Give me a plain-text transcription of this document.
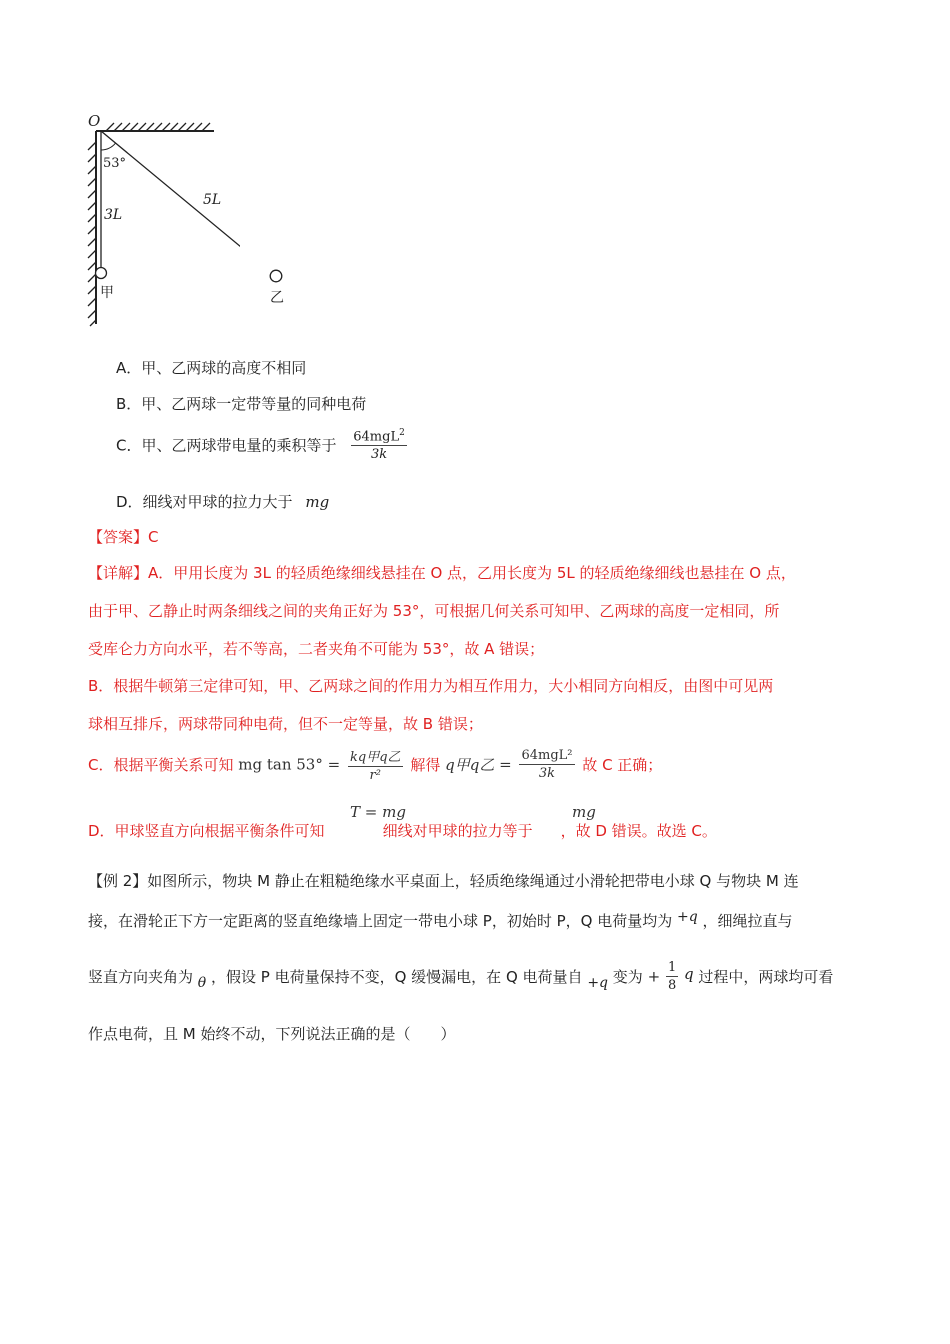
O
53°
3L
5L
甲	乙
A．甲、乙两球的高度不相同
B．甲、乙两球一定带等量的同种电荷
C．甲、乙两球带电量的乘积等于 $\frac{64mgL^2}{3k}$
D．细线对甲球的拉力大于 mg
【答案】C
【详解】A．甲用长度为 3L 的轻质绝缘细线悬挂在 O 点，乙用长度为 5L 的轻质绝缘细线也悬挂在 O 点，
由于甲、乙静止时两条细线之间的夹角正好为 53°，可根据几何关系可知甲、乙两球的高度一定相同，所
受库仑力方向水平，若不等高，二者夹角不可能为 53°，故 A 错误；
B．根据牛顿第三定律可知，甲、乙两球之间的作用力为相互作用力，大小相同方向相反，由图中可见两
球相互排斥，两球带同种电荷，但不一定等量，故 B 错误；
C．根据平衡关系可知 mg $\tan 53^\circ = \frac{\text{kq甲q乙}}{\text{r²}}$ 解得 q甲q乙 = $\frac{\text{64mgL²}}{3k}$ 故 C 正确；
T = mg	mg
D．甲球竖直方向根据平衡条件可知	细线对甲球的拉力等于 ，故 D 错误。故选 C。
【例 2】如图所示，物块 M 静止在粗糙绝缘水平桌面上，轻质绝缘绳通过小滑轮把带电小球 Q 与物块 M 连
接，在滑轮正下方一定距离的竖直绝缘墙上固定一带电小球 P，初始时 P，Q 电荷量均为 +q ，细绳拉直与
竖直方向夹角为 θ ，假设 P 电荷量保持不变，Q 缓慢漏电，在 Q 电荷量自 +q 变为 + $\frac{1}{8}$ q 过程中，两球均可看
作点电荷，且 M 始终不动，下列说法正确的是（　　）
